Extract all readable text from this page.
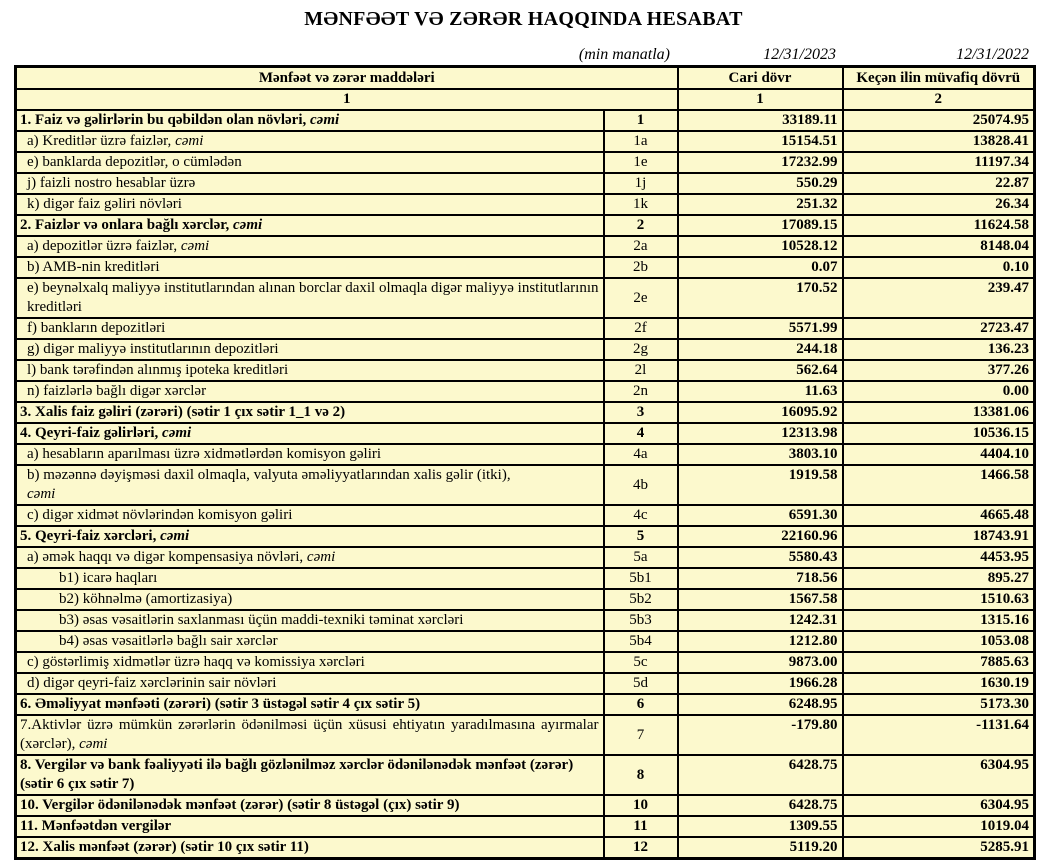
MƏNFƏƏT VƏ ZƏRƏR HAQQINDA HESABAT
(min manatla)	12/31/2023	12/31/2022
Mənfəət və zərər maddələri		Cari dövr	Keçən ilin müvafiq dövrü
1		1	2
1. Faiz və gəlirlərin bu qəbildən olan növləri, cəmi	1	33189.11	25074.95
a) Kreditlər üzrə faizlər, cəmi	1a	15154.51	13828.41
e) banklarda depozitlər, o cümlədən	1e	17232.99	11197.34
j) faizli nostro hesablar üzrə	1j	550.29	22.87
k) digər faiz gəliri növləri	1k	251.32	26.34
2. Faizlər və onlara bağlı xərclər, cəmi	2	17089.15	11624.58
a) depozitlər üzrə faizlər, cəmi	2a	10528.12	8148.04
b) AMB-nin kreditləri	2b	0.07	0.10
e) beynəlxalq maliyyə institutlarından alınan borclar daxil olmaqla digər maliyyə institutlarının kreditləri	2e	170.52	239.47
f) bankların depozitləri	2f	5571.99	2723.47
g) digər maliyyə institutlarının depozitləri	2g	244.18	136.23
l) bank tərəfindən alınmış ipoteka kreditləri	2l	562.64	377.26
n) faizlərlə bağlı digər xərclər	2n	11.63	0.00
3. Xalis faiz gəliri (zərəri) (sətir 1 çıx sətir 1_1 və 2)	3	16095.92	13381.06
4. Qeyri-faiz gəlirləri, cəmi	4	12313.98	10536.15
a) hesabların aparılması üzrə xidmətlərdən komisyon gəliri	4a	3803.10	4404.10
b) məzənnə dəyişməsi daxil olmaqla, valyuta əməliyyatlarından xalis gəlir (itki),
cəmi	4b	1919.58	1466.58
c) digər xidmət növlərindən komisyon gəliri	4c	6591.30	4665.48
5. Qeyri-faiz xərcləri, cəmi	5	22160.96	18743.91
a) əmək haqqı və digər kompensasiya növləri, cəmi	5a	5580.43	4453.95
b1) icarə haqları	5b1	718.56	895.27
b2) köhnəlmə (amortizasiya)	5b2	1567.58	1510.63
b3) əsas vəsaitlərin saxlanması üçün maddi-texniki təminat xərcləri	5b3	1242.31	1315.16
b4) əsas vəsaitlərlə bağlı sair xərclər	5b4	1212.80	1053.08
c) göstərlimiş xidmətlər üzrə haqq və komissiya xərcləri	5c	9873.00	7885.63
d) digər qeyri-faiz xərclərinin sair növləri	5d	1966.28	1630.19
6. Əməliyyat mənfəəti (zərəri) (sətir 3 üstəgəl sətir 4 çıx sətir 5)	6	6248.95	5173.30
7.Aktivlər üzrə mümkün zərərlərin ödənilməsi üçün xüsusi ehtiyatın yaradılmasına ayırmalar (xərclər), cəmi	7	-179.80	-1131.64
8. Vergilər və bank fəaliyyəti ilə bağlı gözlənilməz xərclər ödənilənədək mənfəət (zərər) (sətir 6 çıx sətir 7)	8	6428.75	6304.95
10. Vergilər ödənilənədək mənfəət (zərər) (sətir 8 üstəgəl (çıx) sətir 9)	10	6428.75	6304.95
11. Mənfəətdən vergilər	11	1309.55	1019.04
12. Xalis mənfəət (zərər) (sətir 10 çıx sətir 11)	12	5119.20	5285.91
